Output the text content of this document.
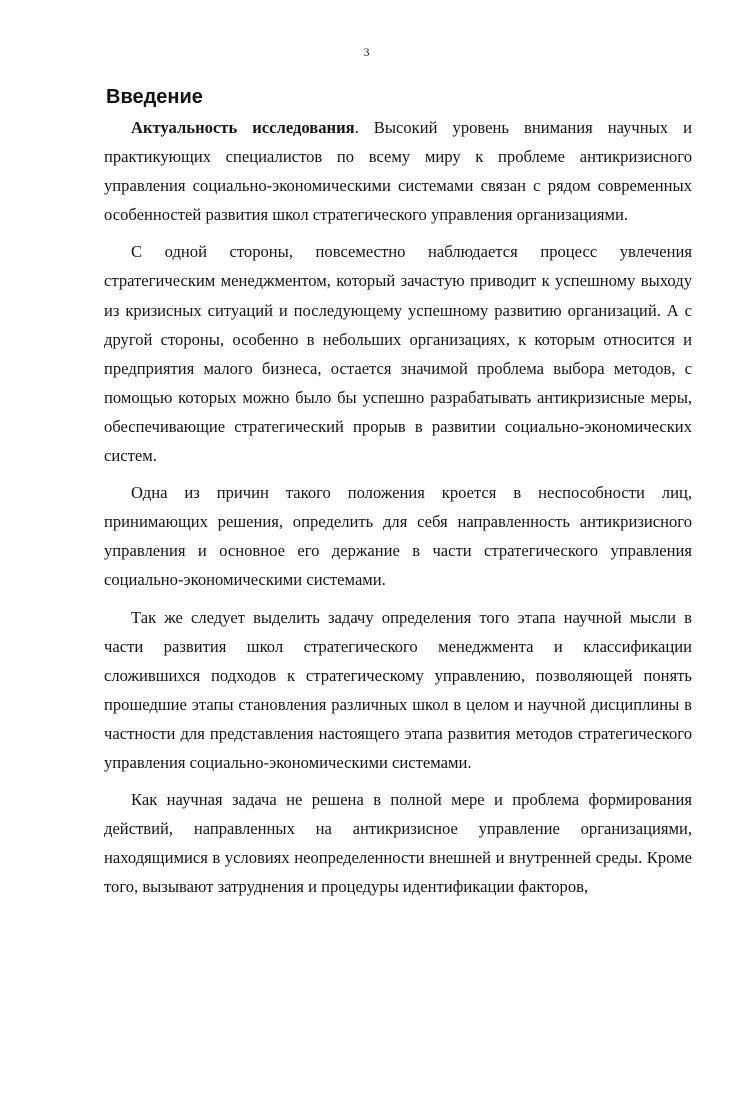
3
Введение

Актуальность исследования. Высокий уровень внимания научных и практикующих специалистов по всему миру к проблеме антикризисного управления социально-экономическими системами связан с рядом современных особенностей развития школ стратегического управления организациями.

С одной стороны, повсеместно наблюдается процесс увлечения стратегическим менеджментом, который зачастую приводит к успешному выходу из кризисных ситуаций и последующему успешному развитию организаций. А с другой стороны, особенно в небольших организациях, к которым относится и предприятия малого бизнеса, остается значимой проблема выбора методов, с помощью которых можно было бы успешно разрабатывать антикризисные меры, обеспечивающие стратегический прорыв в развитии социально-экономических систем.

Одна из причин такого положения кроется в неспособности лиц, принимающих решения, определить для себя направленность антикризисного управления и основное его держание в части стратегического управления социально-экономическими системами.

Так же следует выделить задачу определения того этапа научной мысли в части развития школ стратегического менеджмента и классификации сложившихся подходов к стратегическому управлению, позволяющей понять прошедшие этапы становления различных школ в целом и научной дисциплины в частности для представления настоящего этапа развития методов стратегического управления социально-экономическими системами.

Как научная задача не решена в полной мере и проблема формирования действий, направленных на антикризисное управление организациями, находящимися в условиях неопределенности внешней и внутренней среды. Кроме того, вызывают затруднения и процедуры идентификации факторов,
